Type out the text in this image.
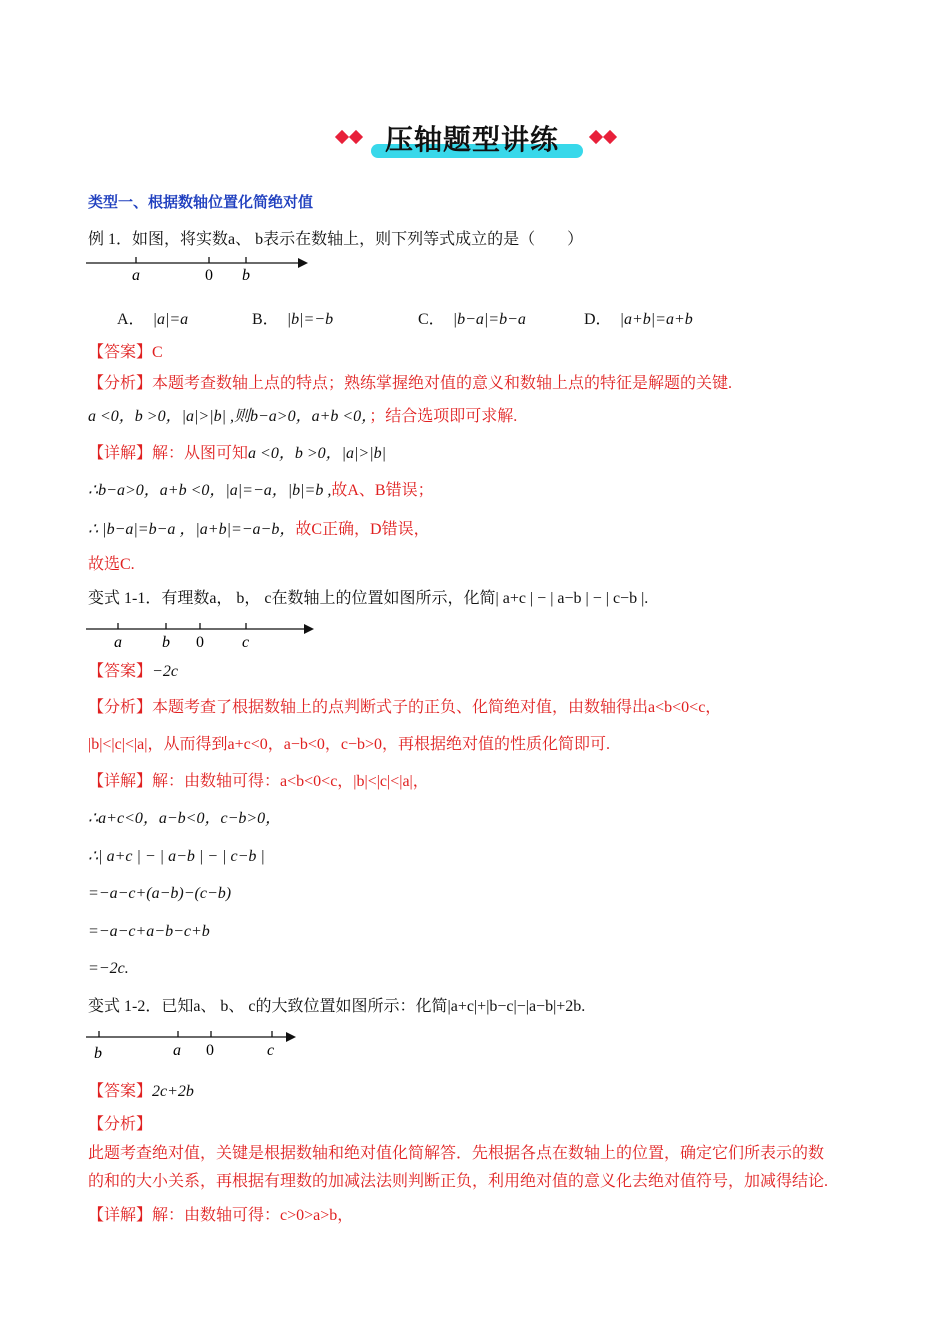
压轴题型讲练
类型一、根据数轴位置化简绝对值
例 1．如图，将实数a、 b表示在数轴上，则下列等式成立的是（　　）
a	0 b
A． |a|=a	B． |b|=−b	C． |b−a|=b−a	D． |a+b|=a+b
【答案】C
【分析】本题考查数轴上点的特点；熟练掌握绝对值的意义和数轴上点的特征是解题的关键.
a <0，b >0，|a|>|b| ,则b−a>0，a+b <0，；结合选项即可求解.
【详解】解：从图可知a <0，b >0，|a|>|b|
∴b−a>0，a+b <0，|a|=−a，|b|=b ,故A、B错误；
∴ |b−a|=b−a ，|a+b|=−a−b，故C正确，D错误，
故选C.
变式 1-1．有理数a， b， c在数轴上的位置如图所示，化简| a+c | − | a−b | − | c−b |.
a	b 0 c
【答案】−2c
【分析】本题考查了根据数轴上的点判断式子的正负、化简绝对值，由数轴得出a<b<0<c，
|b|<|c|<|a|，从而得到a+c<0，a−b<0，c−b>0，再根据绝对值的性质化简即可.
【详解】解：由数轴可得：a<b<0<c，|b|<|c|<|a|，
∴a+c<0，a−b<0，c−b>0，
∴| a+c | − | a−b | − | c−b |
=−a−c+(a−b)−(c−b)
=−a−c+a−b−c+b
=−2c.
变式 1-2．已知a、 b、 c的大致位置如图所示：化简|a+c|+|b−c|−|a−b|+2b.
b	a 0	c
【答案】2c+2b
【分析】
此题考查绝对值，关键是根据数轴和绝对值化简解答．先根据各点在数轴上的位置，确定它们所表示的数
的和的大小关系，再根据有理数的加减法法则判断正负，利用绝对值的意义化去绝对值符号，加减得结论.
【详解】解：由数轴可得：c>0>a>b，
